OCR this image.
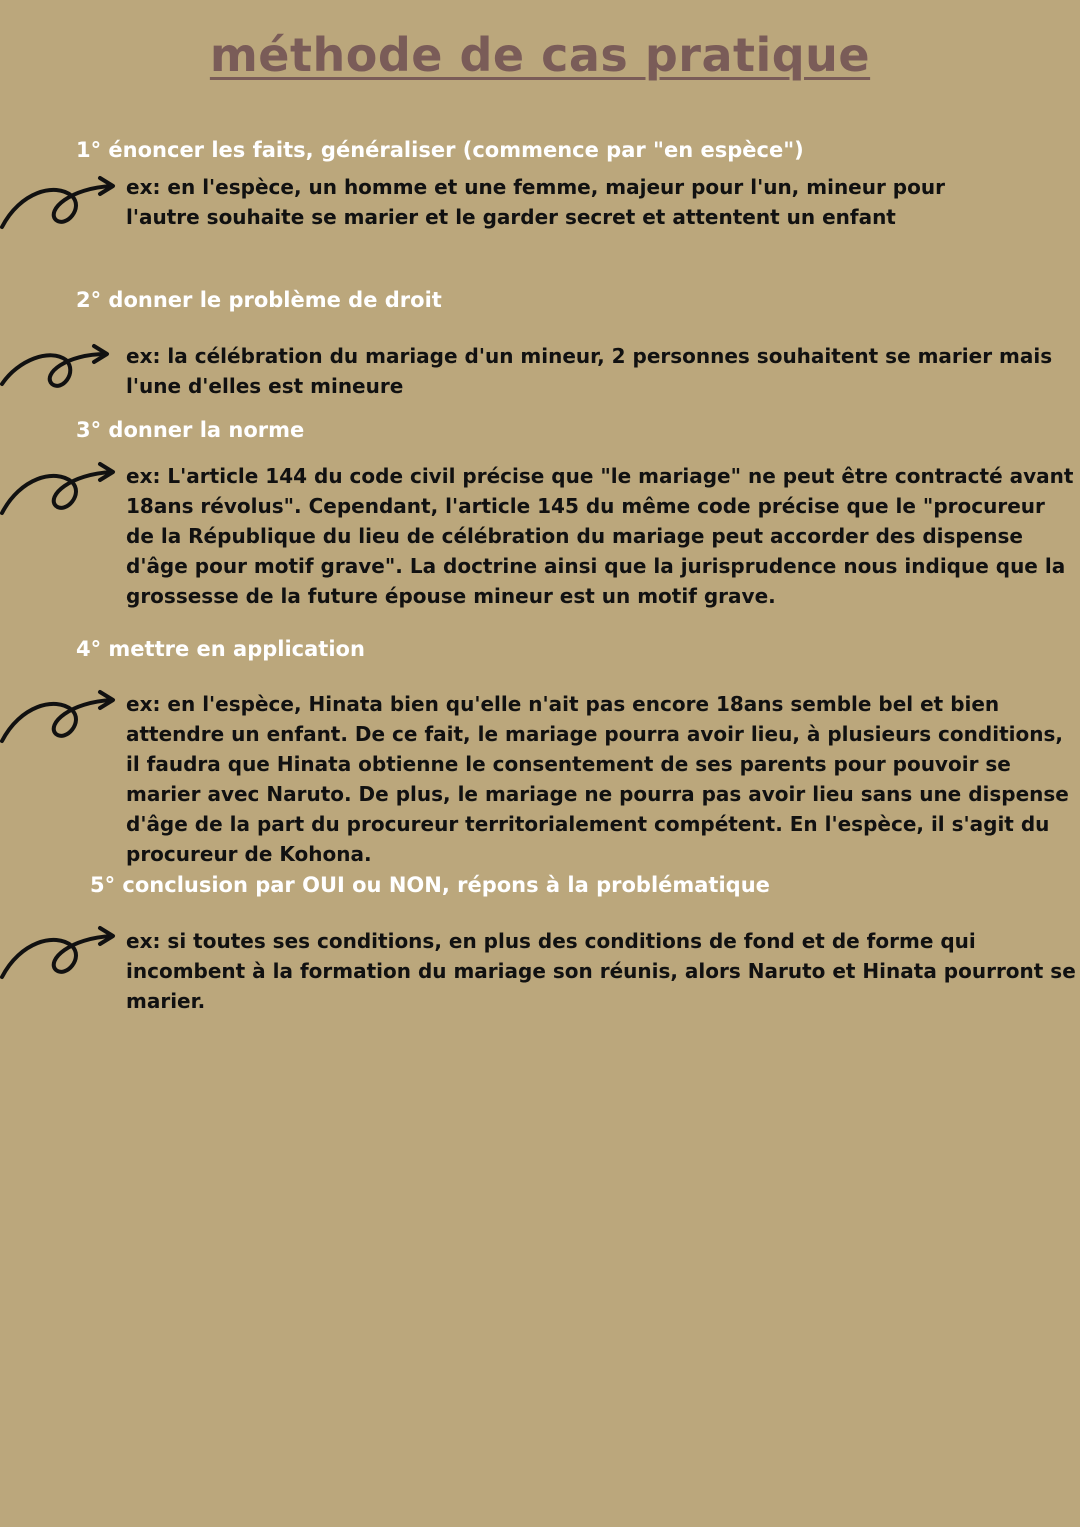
méthode de cas pratique

1° énoncer les faits, généraliser (commence par "en espèce")

ex: en l'espèce, un homme et une femme, majeur pour l'un, mineur pour l'autre souhaite se marier et le garder secret et attentent un enfant

2° donner le problème de droit

ex: la célébration du mariage d'un mineur, 2 personnes souhaitent se marier mais l'une d'elles est mineure

3° donner la norme

ex: L'article 144 du code civil précise que "le mariage" ne peut être contracté avant 18ans révolus". Cependant, l'article 145 du même code précise que le "procureur de la République du lieu de célébration du mariage peut accorder des dispense d'âge pour motif grave". La doctrine ainsi que la jurisprudence nous indique que la grossesse de la future épouse mineur est un motif grave.

4° mettre en application

ex: en l'espèce, Hinata bien qu'elle n'ait pas encore 18ans semble bel et bien attendre un enfant. De ce fait, le mariage pourra avoir lieu, à plusieurs conditions, il faudra que Hinata obtienne le consentement de ses parents pour pouvoir se marier avec Naruto. De plus, le mariage ne pourra pas avoir lieu sans une dispense d'âge de la part du procureur territorialement compétent. En l'espèce, il s'agit du procureur de Kohona.

5° conclusion par OUI ou NON, répons à la problématique

ex: si toutes ses conditions, en plus des conditions de fond et de forme qui incombent à la formation du mariage son réunis, alors Naruto et Hinata pourront se marier.
